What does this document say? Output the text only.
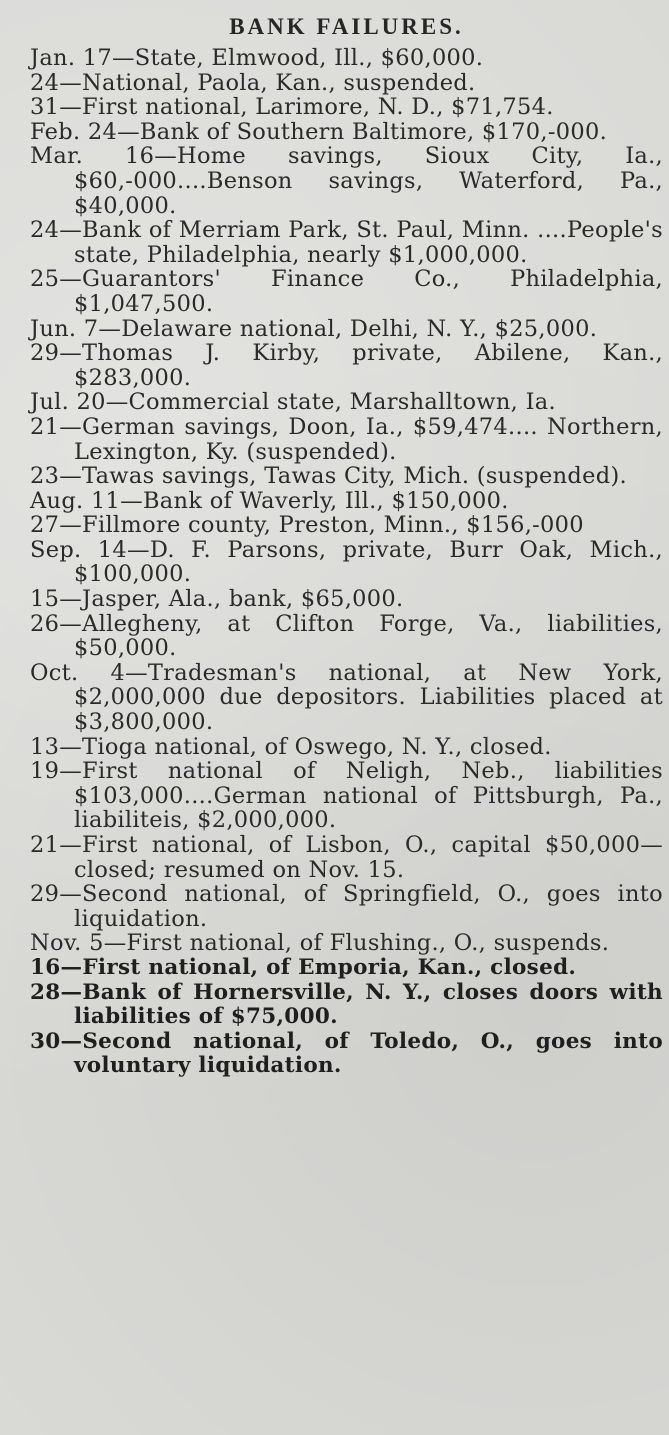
BANK FAILURES.

Jan. 17—State, Elmwood, Ill., $60,000.

24—National, Paola, Kan., suspended.

31—First national, Larimore, N. D., $71,754.

Feb. 24—Bank of Southern Baltimore, $170,-000.

Mar. 16—Home savings, Sioux City, Ia., $60,-000....Benson savings, Waterford, Pa., $40,000.

24—Bank of Merriam Park, St. Paul, Minn. ....People's state, Philadelphia, nearly $1,000,000.

25—Guarantors' Finance Co., Philadelphia, $1,047,500.

Jun. 7—Delaware national, Delhi, N. Y., $25,000.

29—Thomas J. Kirby, private, Abilene, Kan., $283,000.

Jul. 20—Commercial state, Marshalltown, Ia.

21—German savings, Doon, Ia., $59,474.... Northern, Lexington, Ky. (suspended).

23—Tawas savings, Tawas City, Mich. (suspended).

Aug. 11—Bank of Waverly, Ill., $150,000.

27—Fillmore county, Preston, Minn., $156,-000

Sep. 14—D. F. Parsons, private, Burr Oak, Mich., $100,000.

15—Jasper, Ala., bank, $65,000.

26—Allegheny, at Clifton Forge, Va., liabilities, $50,000.

Oct. 4—Tradesman's national, at New York, $2,000,000 due depositors. Liabilities placed at $3,800,000.

13—Tioga national, of Oswego, N. Y., closed.

19—First national of Neligh, Neb., liabilities $103,000....German national of Pittsburgh, Pa., liabiliteis, $2,000,000.

21—First national, of Lisbon, O., capital $50,000—closed; resumed on Nov. 15.

29—Second national, of Springfield, O., goes into liquidation.

Nov. 5—First national, of Flushing., O., suspends.

16—First national, of Emporia, Kan., closed.

28—Bank of Hornersville, N. Y., closes doors with liabilities of $75,000.

30—Second national, of Toledo, O., goes into voluntary liquidation.
